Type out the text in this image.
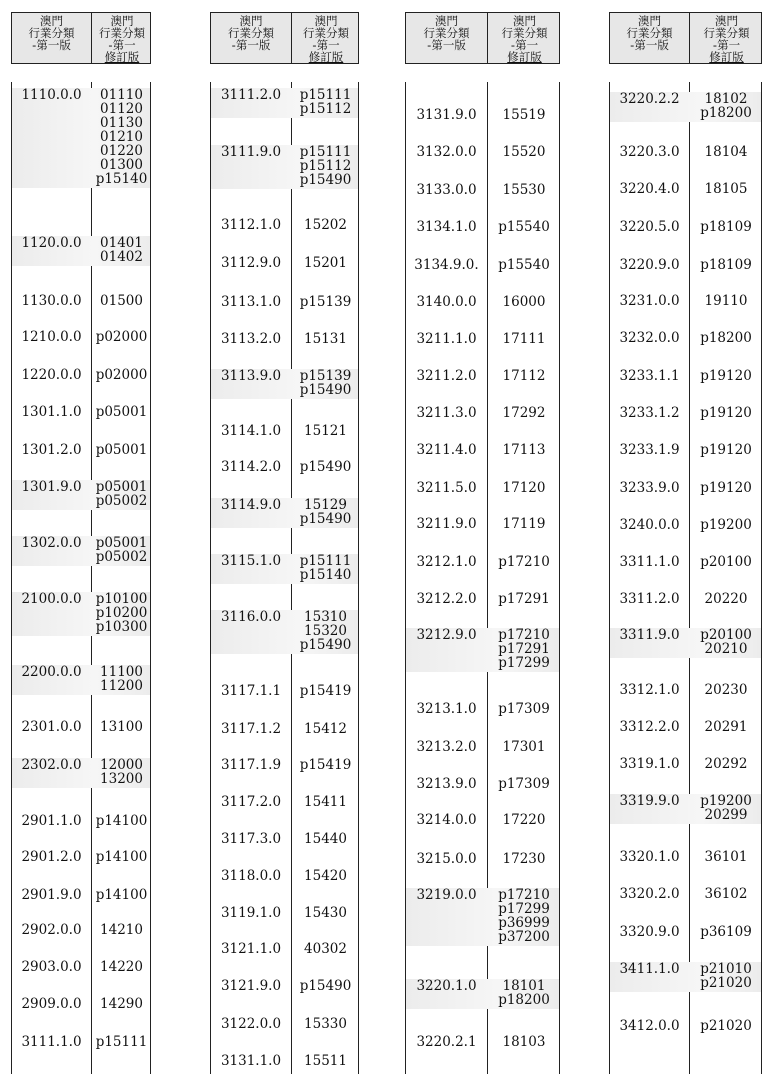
澳門
行業分類
-第一版
澳門
行業分類
-第一
修訂版
1110.0.0	01110
01120
01130
01210
01220
01300
p15140
1120.0.0	01401
01402
1130.0.0	01500
1210.0.0	p02000
1220.0.0	p02000
1301.1.0	p05001
1301.2.0	p05001
1301.9.0	p05001
p05002
1302.0.0	p05001
p05002
2100.0.0	p10100
p10200
p10300
2200.0.0	11100
11200
2301.0.0	13100
2302.0.0	12000
13200
2901.1.0	p14100
2901.2.0	p14100
2901.9.0	p14100
2902.0.0	14210
2903.0.0	14220
2909.0.0	14290
3111.1.0	p15111
澳門
行業分類
-第一版
澳門
行業分類
-第一
修訂版
3111.2.0	p15111
p15112
3111.9.0	p15111
p15112
p15490
3112.1.0	15202
3112.9.0	15201
3113.1.0	p15139
3113.2.0	15131
3113.9.0	p15139
p15490
3114.1.0	15121
3114.2.0	p15490
3114.9.0	15129
p15490
3115.1.0	p15111
p15140
3116.0.0	15310
15320
p15490
3117.1.1	p15419
3117.1.2	15412
3117.1.9	p15419
3117.2.0	15411
3117.3.0	15440
3118.0.0	15420
3119.1.0	15430
3121.1.0	40302
3121.9.0	p15490
3122.0.0	15330
3131.1.0	15511
澳門
行業分類
-第一版
澳門
行業分類
-第一
修訂版
3131.9.0	15519
3132.0.0	15520
3133.0.0	15530
3134.1.0	p15540
3134.9.0.	p15540
3140.0.0	16000
3211.1.0	17111
3211.2.0	17112
3211.3.0	17292
3211.4.0	17113
3211.5.0	17120
3211.9.0	17119
3212.1.0	p17210
3212.2.0	p17291
3212.9.0	p17210
p17291
p17299
3213.1.0	p17309
3213.2.0	17301
3213.9.0	p17309
3214.0.0	17220
3215.0.0	17230
3219.0.0	p17210
p17299
p36999
p37200
3220.1.0	18101
p18200
3220.2.1	18103
澳門
行業分類
-第一版
澳門
行業分類
-第一
修訂版
3220.2.2	18102
p18200
3220.3.0	18104
3220.4.0	18105
3220.5.0	p18109
3220.9.0	p18109
3231.0.0	19110
3232.0.0	p18200
3233.1.1	p19120
3233.1.2	p19120
3233.1.9	p19120
3233.9.0	p19120
3240.0.0	p19200
3311.1.0	p20100
3311.2.0	20220
3311.9.0	p20100
20210
3312.1.0	20230
3312.2.0	20291
3319.1.0	20292
3319.9.0	p19200
20299
3320.1.0	36101
3320.2.0	36102
3320.9.0	p36109
3411.1.0	p21010
p21020
3412.0.0	p21020
